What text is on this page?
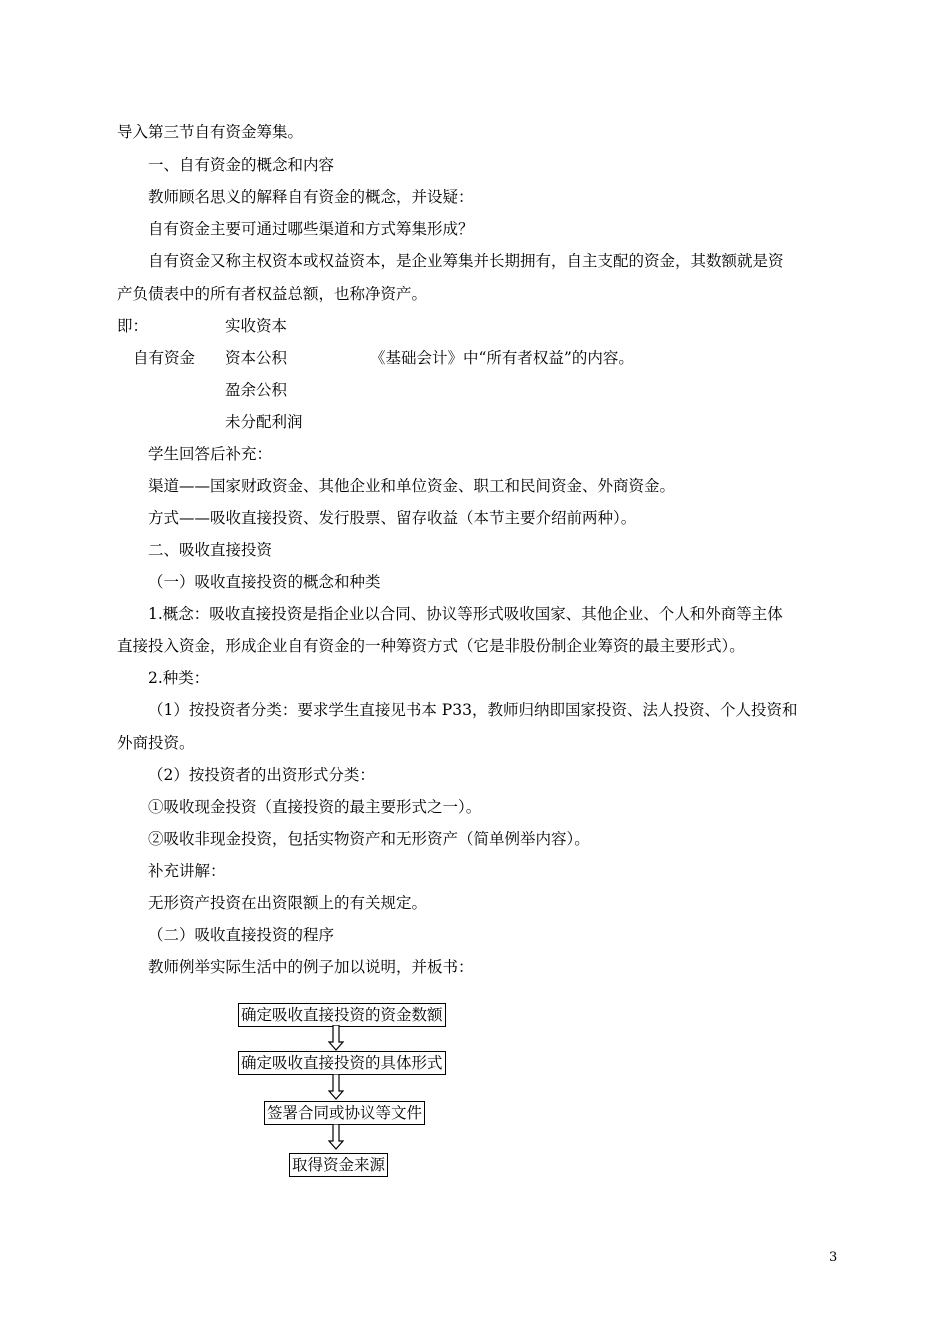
导入第三节自有资金筹集。
一、自有资金的概念和内容
教师顾名思义的解释自有资金的概念，并设疑：
自有资金主要可通过哪些渠道和方式筹集形成？
自有资金又称主权资本或权益资本，是企业筹集并长期拥有，自主支配的资金，其数额就是资
产负债表中的所有者权益总额，也称净资产。
即：	实收资本
自有资金 资本公积	《基础会计》中“所有者权益”的内容。
盈余公积
未分配利润
学生回答后补充：
渠道——国家财政资金、其他企业和单位资金、职工和民间资金、外商资金。
方式——吸收直接投资、发行股票、留存收益（本节主要介绍前两种）。
二、吸收直接投资
（一）吸收直接投资的概念和种类
1.概念：吸收直接投资是指企业以合同、协议等形式吸收国家、其他企业、个人和外商等主体
直接投入资金，形成企业自有资金的一种筹资方式（它是非股份制企业筹资的最主要形式）。
2.种类：
（1）按投资者分类：要求学生直接见书本 P33，教师归纳即国家投资、法人投资、个人投资和
外商投资。
（2）按投资者的出资形式分类：
①吸收现金投资（直接投资的最主要形式之一）。
②吸收非现金投资，包括实物资产和无形资产（简单例举内容）。
补充讲解：
无形资产投资在出资限额上的有关规定。
（二）吸收直接投资的程序
教师例举实际生活中的例子加以说明，并板书：
确定吸收直接投资的资金数额
确定吸收直接投资的具体形式
签署合同或协议等文件
取得资金来源
3
